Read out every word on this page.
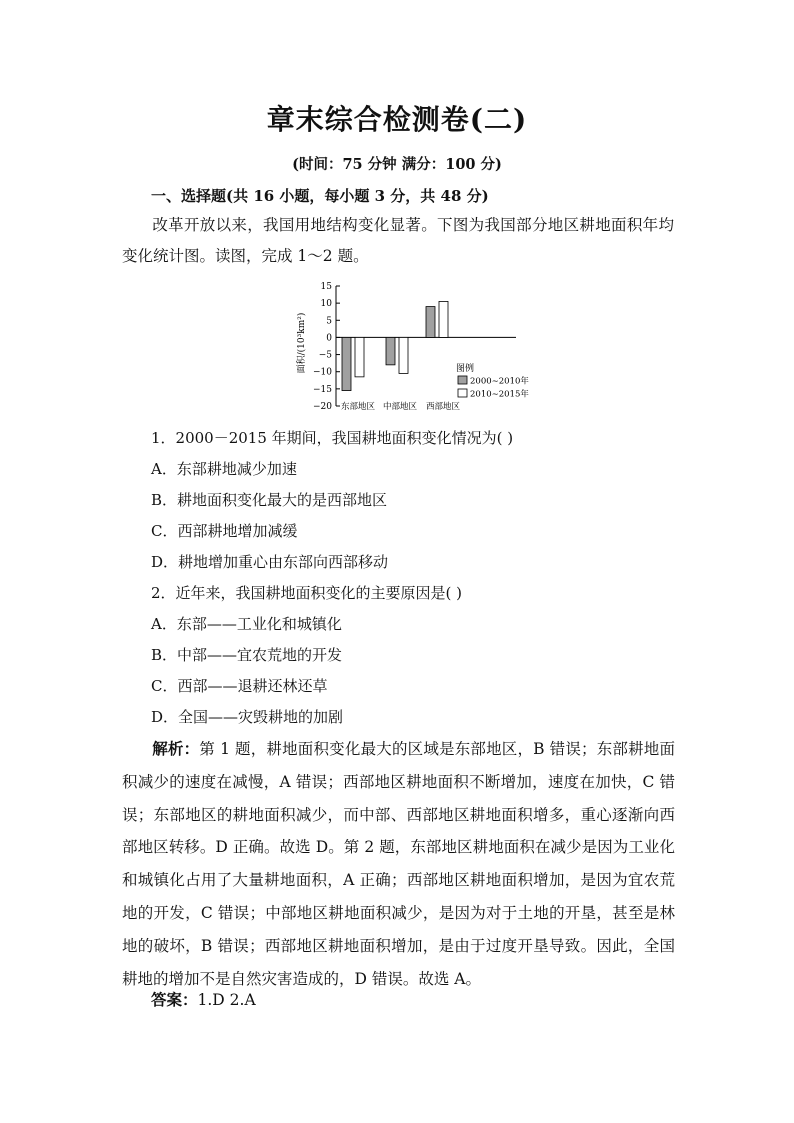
章末综合检测卷(二)
(时间：75 分钟 满分：100 分)
一、选择题(共 16 小题，每小题 3 分，共 48 分)

改革开放以来，我国用地结构变化显著。下图为我国部分地区耕地面积年均变化统计图。读图，完成 1～2 题。

面积/(10³km²)	图例
15
10
5
0
−5
−10
−15
−20 东部地区 中部地区 西部地区
2000~2010年
2010~2015年
1．2000－2015 年期间，我国耕地面积变化情况为( )
A．东部耕地减少加速
B．耕地面积变化最大的是西部地区
C．西部耕地增加减缓
D．耕地增加重心由东部向西部移动
2．近年来，我国耕地面积变化的主要原因是( )
A．东部——工业化和城镇化
B．中部——宜农荒地的开发
C．西部——退耕还林还草
D．全国——灾毁耕地的加剧

解析：第 1 题，耕地面积变化最大的区域是东部地区，B 错误；东部耕地面积减少的速度在减慢，A 错误；西部地区耕地面积不断增加，速度在加快，C 错误；东部地区的耕地面积减少，而中部、西部地区耕地面积增多，重心逐渐向西部地区转移。D 正确。故选 D。第 2 题，东部地区耕地面积在减少是因为工业化和城镇化占用了大量耕地面积，A 正确；西部地区耕地面积增加，是因为宜农荒地的开发，C 错误；中部地区耕地面积减少，是因为对于土地的开垦，甚至是林地的破坏，B 错误；西部地区耕地面积增加，是由于过度开垦导致。因此，全国耕地的增加不是自然灾害造成的，D 错误。故选 A。

答案：1.D 2.A
